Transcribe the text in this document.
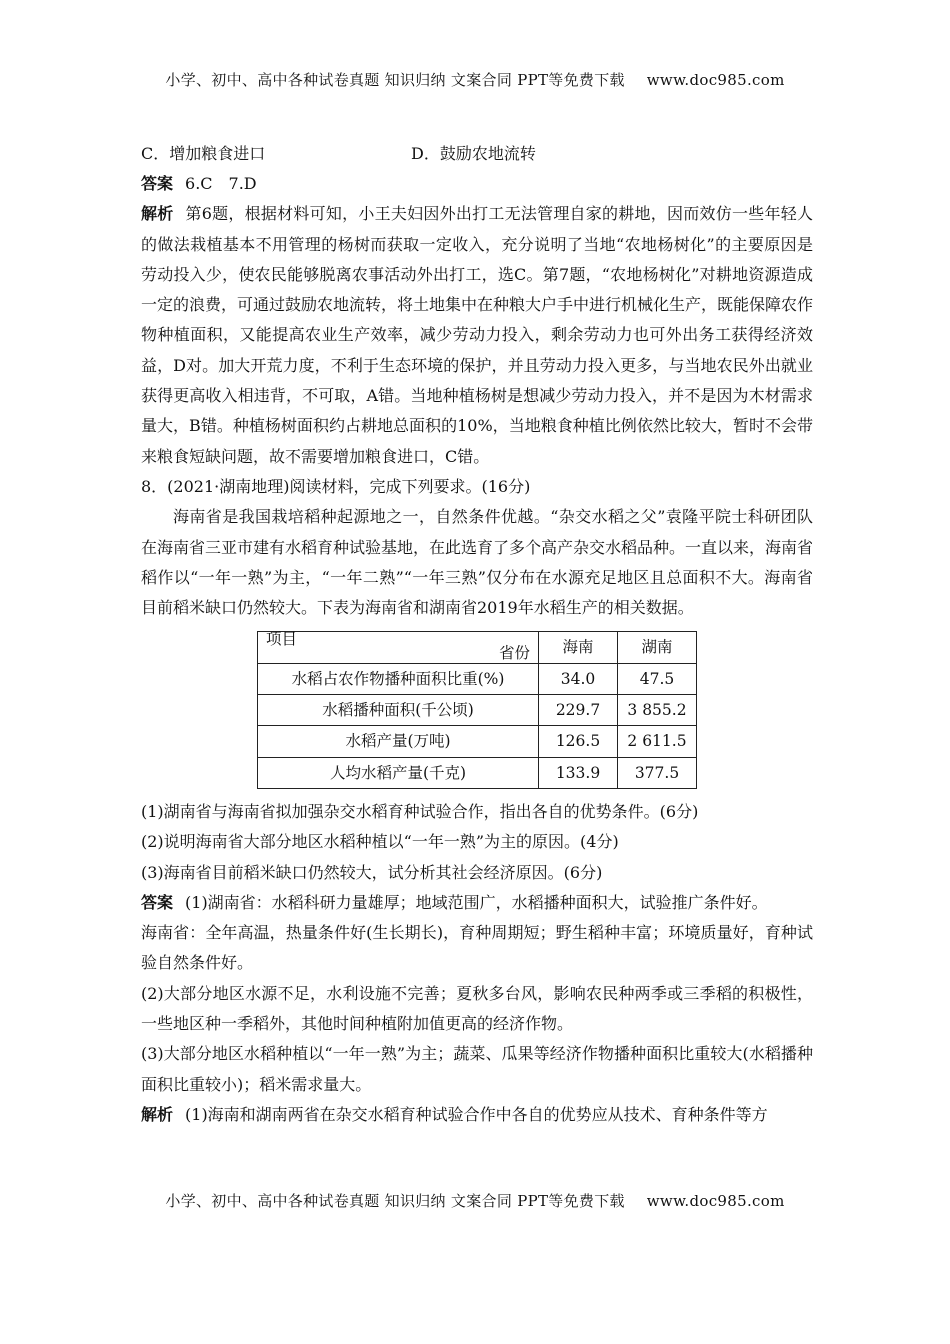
小学、初中、高中各种试卷真题 知识归纳 文案合同 PPT等免费下载 www.doc985.com
C．增加粮食进口	D．鼓励农地流转

答案 6.C　7.D

解析 第6题，根据材料可知，小王夫妇因外出打工无法管理自家的耕地，因而效仿一些年轻人的做法栽植基本不用管理的杨树而获取一定收入，充分说明了当地“农地杨树化”的主要原因是劳动投入少，使农民能够脱离农事活动外出打工，选C。第7题，“农地杨树化”对耕地资源造成一定的浪费，可通过鼓励农地流转，将土地集中在种粮大户手中进行机械化生产，既能保障农作物种植面积，又能提高农业生产效率，减少劳动力投入，剩余劳动力也可外出务工获得经济效益，D对。加大开荒力度，不利于生态环境的保护，并且劳动力投入更多，与当地农民外出就业获得更高收入相违背，不可取，A错。当地种植杨树是想减少劳动力投入，并不是因为木材需求量大，B错。种植杨树面积约占耕地总面积的10%，当地粮食种植比例依然比较大，暂时不会带来粮食短缺问题，故不需要增加粮食进口，C错。

8．(2021·湖南地理)阅读材料，完成下列要求。(16分)

海南省是我国栽培稻种起源地之一，自然条件优越。“杂交水稻之父”袁隆平院士科研团队在海南省三亚市建有水稻育种试验基地，在此选育了多个高产杂交水稻品种。一直以来，海南省稻作以“一年一熟”为主，“一年二熟”“一年三熟”仅分布在水源充足地区且总面积不大。海南省目前稻米缺口仍然较大。下表为海南省和湖南省2019年水稻生产的相关数据。

省份
项目	海南	湖南
水稻占农作物播种面积比重(%)	34.0	47.5
水稻播种面积(千公顷)	229.7	3 855.2
水稻产量(万吨)	126.5	2 611.5
人均水稻产量(千克)	133.9	377.5

(1)湖南省与海南省拟加强杂交水稻育种试验合作，指出各自的优势条件。(6分)

(2)说明海南省大部分地区水稻种植以“一年一熟”为主的原因。(4分)

(3)海南省目前稻米缺口仍然较大，试分析其社会经济原因。(6分)

答案 (1)湖南省：水稻科研力量雄厚；地域范围广，水稻播种面积大，试验推广条件好。

海南省：全年高温，热量条件好(生长期长)，育种周期短；野生稻种丰富；环境质量好，育种试验自然条件好。

(2)大部分地区水源不足，水利设施不完善；夏秋多台风，影响农民种两季或三季稻的积极性，一些地区种一季稻外，其他时间种植附加值更高的经济作物。

(3)大部分地区水稻种植以“一年一熟”为主；蔬菜、瓜果等经济作物播种面积比重较大(水稻播种面积比重较小)；稻米需求量大。

解析 (1)海南和湖南两省在杂交水稻育种试验合作中各自的优势应从技术、育种条件等方

小学、初中、高中各种试卷真题 知识归纳 文案合同 PPT等免费下载 www.doc985.com
